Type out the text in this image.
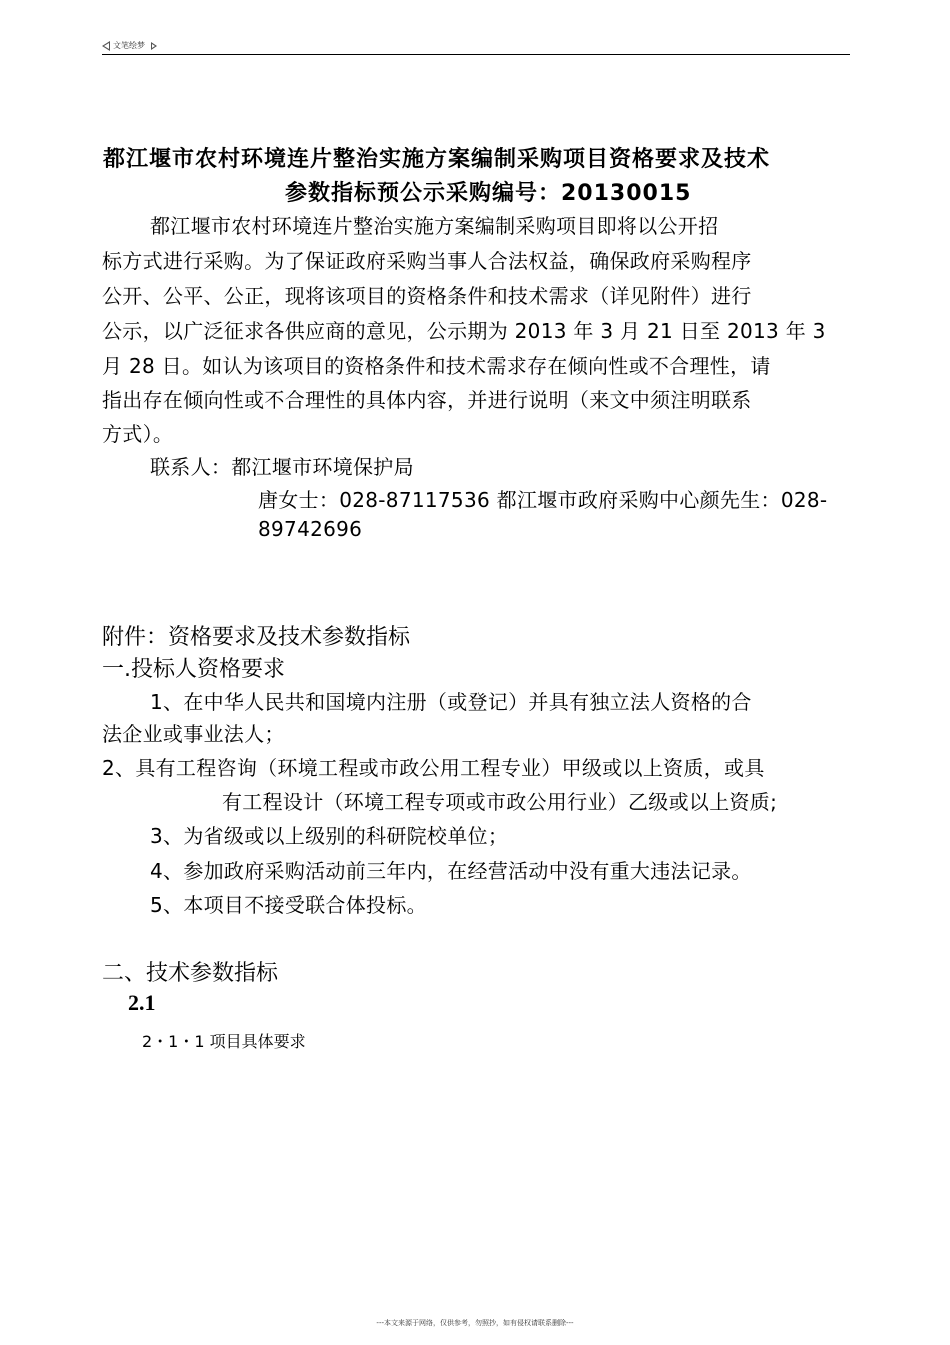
文笔绘梦
都江堰市农村环境连片整治实施方案编制采购项目资格要求及技术
参数指标预公示采购编号：20130015
都江堰市农村环境连片整治实施方案编制采购项目即将以公开招
标方式进行采购。为了保证政府采购当事人合法权益，确保政府采购程序
公开、公平、公正，现将该项目的资格条件和技术需求（详见附件）进行
公示，以广泛征求各供应商的意见，公示期为 2013 年 3 月 21 日至 2013 年 3
月 28 日。如认为该项目的资格条件和技术需求存在倾向性或不合理性，请
指出存在倾向性或不合理性的具体内容，并进行说明（来文中须注明联系
方式）。
联系人：都江堰市环境保护局
唐女士：028-87117536 都江堰市政府采购中心颜先生：028-
89742696
附件：资格要求及技术参数指标
一.投标人资格要求
1、在中华人民共和国境内注册（或登记）并具有独立法人资格的合
法企业或事业法人；
2、具有工程咨询（环境工程或市政公用工程专业）甲级或以上资质，或具
有工程设计（环境工程专项或市政公用行业）乙级或以上资质;
3、为省级或以上级别的科研院校单位；
4、参加政府采购活动前三年内，在经营活动中没有重大违法记录。
5、本项目不接受联合体投标。
二、技术参数指标
2.1
2・1・1 项目具体要求
---本文来源于网络，仅供参考，勿照抄，如有侵权请联系删除---
